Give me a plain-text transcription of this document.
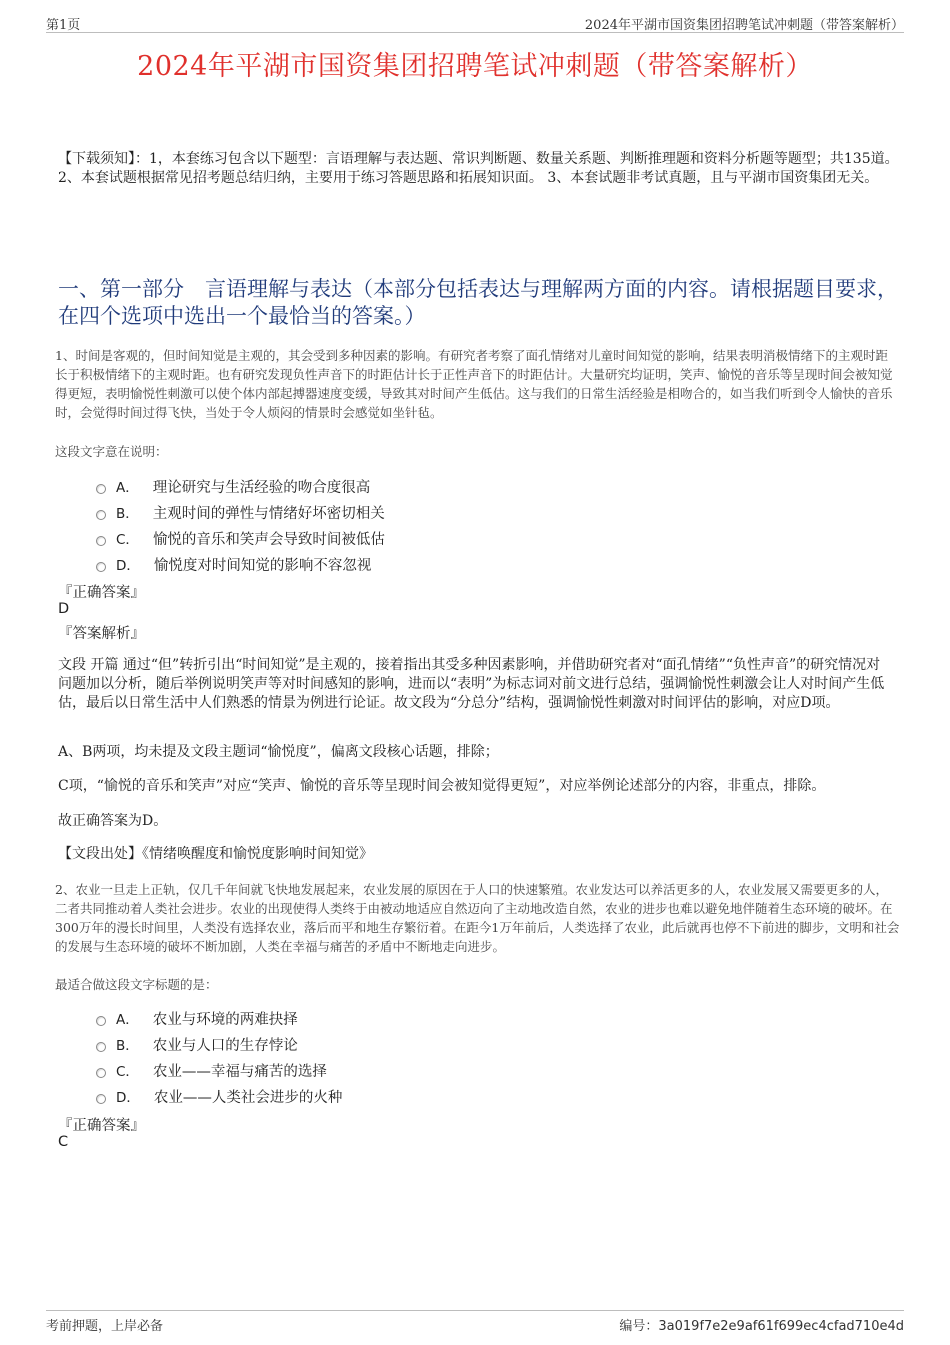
第1页	2024年平湖市国资集团招聘笔试冲刺题（带答案解析）
2024年平湖市国资集团招聘笔试冲刺题（带答案解析）
【下载须知】：1，本套练习包含以下题型：言语理解与表达题、常识判断题、数量关系题、判断推理题和资料分析题等题型；共135道。 2、本套试题根据常见招考题总结归纳，主要用于练习答题思路和拓展知识面。 3、本套试题非考试真题，且与平湖市国资集团无关。
一、第一部分　言语理解与表达（本部分包括表达与理解两方面的内容。请根据题目要求，在四个选项中选出一个最恰当的答案。）
1、时间是客观的，但时间知觉是主观的，其会受到多种因素的影响。有研究者考察了面孔情绪对儿童时间知觉的影响，结果表明消极情绪下的主观时距长于积极情绪下的主观时距。也有研究发现负性声音下的时距估计长于正性声音下的时距估计。大量研究均证明，笑声、愉悦的音乐等呈现时间会被知觉得更短，表明愉悦性刺激可以使个体内部起搏器速度变缓，导致其对时间产生低估。这与我们的日常生活经验是相吻合的，如当我们听到令人愉快的音乐时，会觉得时间过得飞快，当处于令人烦闷的情景时会感觉如坐针毡。
这段文字意在说明：
A． 理论研究与生活经验的吻合度很高
B． 主观时间的弹性与情绪好坏密切相关
C． 愉悦的音乐和笑声会导致时间被低估
D． 愉悦度对时间知觉的影响不容忽视
『正确答案』
D
『答案解析』
文段 开篇 通过“但”转折引出“时间知觉”是主观的，接着指出其受多种因素影响，并借助研究者对“面孔情绪”“负性声音”的研究情况对问题加以分析，随后举例说明笑声等对时间感知的影响，进而以“表明”为标志词对前文进行总结，强调愉悦性刺激会让人对时间产生低估，最后以日常生活中人们熟悉的情景为例进行论证。故文段为“分总分”结构，强调愉悦性刺激对时间评估的影响，对应D项。
A、B两项，均未提及文段主题词“愉悦度”，偏离文段核心话题，排除；
C项，“愉悦的音乐和笑声”对应“笑声、愉悦的音乐等呈现时间会被知觉得更短”，对应举例论述部分的内容，非重点，排除。
故正确答案为D。
【文段出处】《情绪唤醒度和愉悦度影响时间知觉》
2、农业一旦走上正轨，仅几千年间就飞快地发展起来，农业发展的原因在于人口的快速繁殖。农业发达可以养活更多的人，农业发展又需要更多的人，二者共同推动着人类社会进步。农业的出现使得人类终于由被动地适应自然迈向了主动地改造自然，农业的进步也难以避免地伴随着生态环境的破坏。在300万年的漫长时间里，人类没有选择农业，落后而平和地生存繁衍着。在距今1万年前后，人类选择了农业，此后就再也停不下前进的脚步，文明和社会的发展与生态环境的破坏不断加剧，人类在幸福与痛苦的矛盾中不断地走向进步。
最适合做这段文字标题的是：
A． 农业与环境的两难抉择
B． 农业与人口的生存悖论
C． 农业——幸福与痛苦的选择
D． 农业——人类社会进步的火种
『正确答案』
C
考前押题，上岸必备	编号：3a019f7e2e9af61f699ec4cfad710e4d
